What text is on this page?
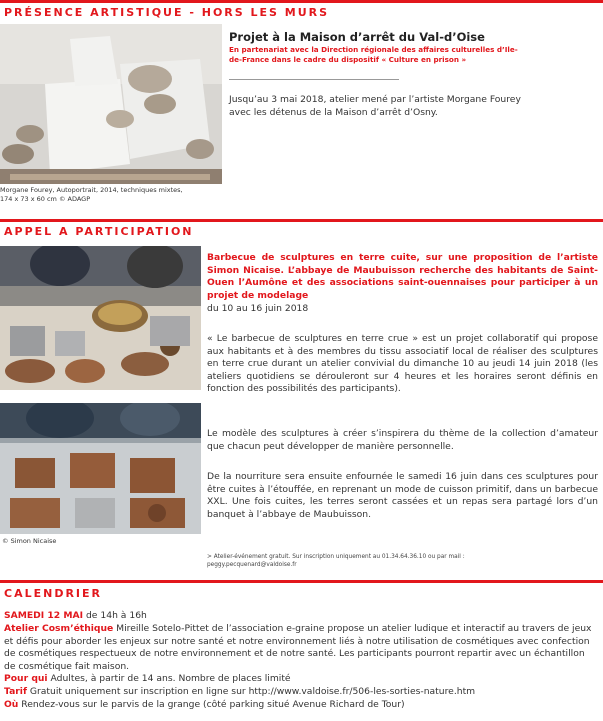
PRÉSENCE ARTISTIQUE - HORS LES MURS
Morgane Fourey, Autoportrait, 2014, techniques mixtes,
174 x 73 x 60 cm © ADAGP
Projet à la Maison d’arrêt du Val-d’Oise
En partenariat avec la Direction régionale des affaires culturelles d’Ile-de-France dans le cadre du dispositif « Culture en prison »
Jusqu’au 3 mai 2018, atelier mené par l’artiste Morgane Fourey avec les détenus de la Maison d’arrêt d’Osny.
APPEL A PARTICIPATION
© Simon Nicaise
Barbecue de sculptures en terre cuite, sur une proposition de l’artiste Simon Nicaise. L’abbaye de Maubuisson recherche des habitants de Saint-Ouen l’Aumône et des associations saint-ouennaises pour participer à un projet de modelage
du 10 au 16 juin 2018
« Le barbecue de sculptures en terre crue » est un projet collaboratif qui propose aux habitants et à des membres du tissu associatif local de réaliser des sculptures en terre crue durant un atelier convivial du dimanche 10 au jeudi 14 juin 2018 (les ateliers quotidiens se dérouleront sur 4 heures et les horaires seront définis en fonction des possibilités des participants).
Le modèle des sculptures à créer s’inspirera du thème de la collection d’amateur que chacun peut développer de manière personnelle.
De la nourriture sera ensuite enfournée le samedi 16 juin dans ces sculptures pour être cuites à l’étouffée, en reprenant un mode de cuisson primitif, dans un barbecue XXL. Une fois cuites, les terres seront cassées et un repas sera partagé lors d’un banquet à l’abbaye de Maubuisson.
> Atelier-événement gratuit. Sur inscription uniquement au 01.34.64.36.10 ou par mail :
peggy.pecquenard@valdoise.fr
CALENDRIER
SAMEDI 12 MAI de 14h à 16h
Atelier Cosm’éthique Mireille Sotelo-Pittet de l’association e-graine propose un atelier ludique et interactif au travers de jeux et défis pour aborder les enjeux sur notre santé et notre environnement liés à notre utilisation de cosmétiques avec confection de cosmétiques respectueux de notre environnement et de notre santé. Les participants pourront repartir avec un échantillon de cosmétique fait maison.
Pour qui Adultes, à partir de 14 ans. Nombre de places limité
Tarif Gratuit uniquement sur inscription en ligne sur http://www.valdoise.fr/506-les-sorties-nature.htm
Où Rendez-vous sur le parvis de la grange (côté parking situé Avenue Richard de Tour)
